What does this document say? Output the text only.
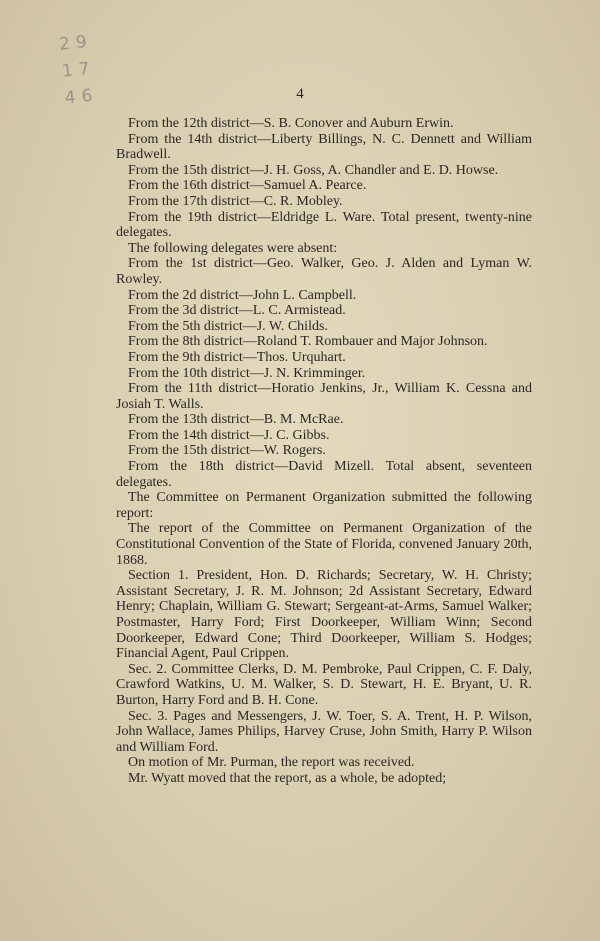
29
17
46	4

From the 12th district—S. B. Conover and Auburn Erwin.

From the 14th district—Liberty Billings, N. C. Dennett and William Bradwell.

From the 15th district—J. H. Goss, A. Chandler and E. D. Howse.

From the 16th district—Samuel A. Pearce.

From the 17th district—C. R. Mobley.

From the 19th district—Eldridge L. Ware. Total present, twenty-nine delegates.

The following delegates were absent:

From the 1st district—Geo. Walker, Geo. J. Alden and Lyman W. Rowley.

From the 2d district—John L. Campbell.

From the 3d district—L. C. Armistead.

From the 5th district—J. W. Childs.

From the 8th district—Roland T. Rombauer and Major Johnson.

From the 9th district—Thos. Urquhart.

From the 10th district—J. N. Krimminger.

From the 11th district—Horatio Jenkins, Jr., William K. Cessna and Josiah T. Walls.

From the 13th district—B. M. McRae.

From the 14th district—J. C. Gibbs.

From the 15th district—W. Rogers.

From the 18th district—David Mizell. Total absent, seventeen delegates.

The Committee on Permanent Organization submitted the following report:

The report of the Committee on Permanent Organization of the Constitutional Convention of the State of Florida, convened January 20th, 1868.

Section 1. President, Hon. D. Richards; Secretary, W. H. Christy; Assistant Secretary, J. R. M. Johnson; 2d Assistant Secretary, Edward Henry; Chaplain, William G. Stewart; Sergeant-at-Arms, Samuel Walker; Postmaster, Harry Ford; First Doorkeeper, William Winn; Second Doorkeeper, Edward Cone; Third Doorkeeper, William S. Hodges; Financial Agent, Paul Crippen.

Sec. 2. Committee Clerks, D. M. Pembroke, Paul Crippen, C. F. Daly, Crawford Watkins, U. M. Walker, S. D. Stewart, H. E. Bryant, U. R. Burton, Harry Ford and B. H. Cone.

Sec. 3. Pages and Messengers, J. W. Toer, S. A. Trent, H. P. Wilson, John Wallace, James Philips, Harvey Cruse, John Smith, Harry P. Wilson and William Ford.

On motion of Mr. Purman, the report was received.

Mr. Wyatt moved that the report, as a whole, be adopted;
